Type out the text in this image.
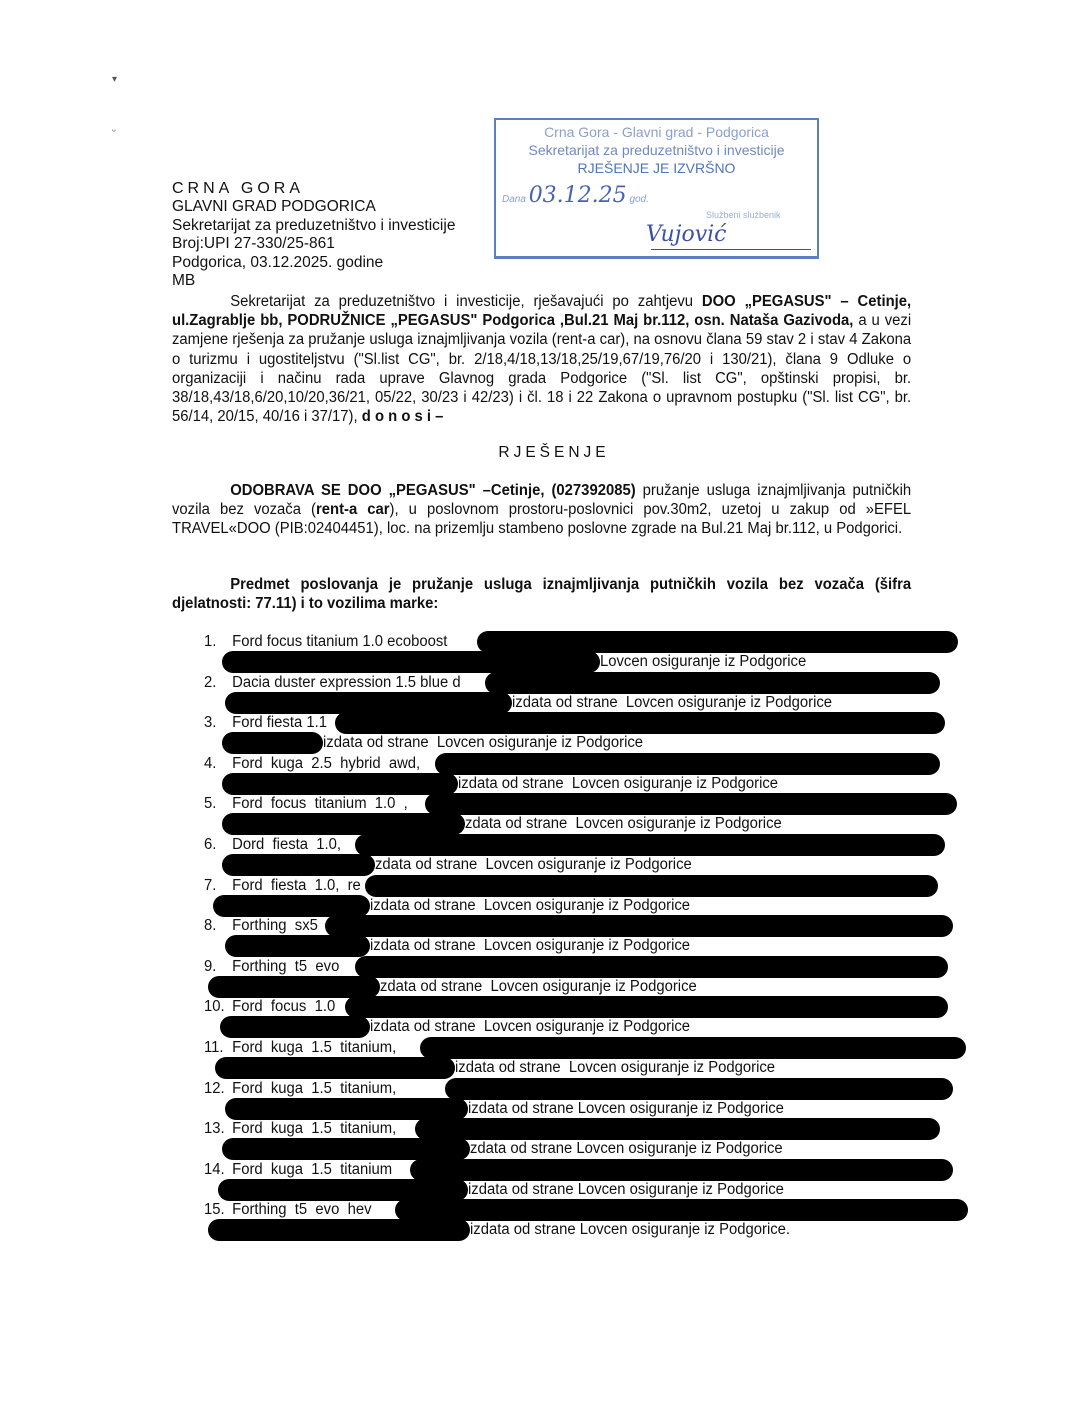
▾
ᵕ
CRNA GORA
GLAVNI GRAD PODGORICA
Sekretarijat za preduzetništvo i investicije
Broj:UPI 27-330/25-861
Podgorica, 03.12.2025. godine
MB
Crna Gora - Glavni grad - Podgorica
Sekretarijat za preduzetništvo i investicije
RJEŠENJE JE IZVRŠNO
Dana 03.12.25 god.
Službeni službenik
Vujović
Sekretarijat za preduzetništvo i investicije, rješavajući po zahtjevu DOO „PEGASUS" – Cetinje, ul.Zagrablje bb, PODRUŽNICE „PEGASUS" Podgorica ,Bul.21 Maj br.112, osn. Nataša Gazivoda, a u vezi zamjene rješenja za pružanje usluga iznajmljivanja vozila (rent-a car), na osnovu člana 59 stav 2 i stav 4 Zakona o turizmu i ugostiteljstvu ("Sl.list CG", br. 2/18,4/18,13/18,25/19,67/19,76/20 i 130/21), člana 9 Odluke o organizaciji i načinu rada uprave Glavnog grada Podgorice ("Sl. list CG", opštinski propisi, br. 38/18,43/18,6/20,10/20,36/21, 05/22, 30/23 i 42/23) i čl. 18 i 22 Zakona o upravnom postupku ("Sl. list CG", br. 56/14, 20/15, 40/16 i 37/17), d o n o s i –
RJEŠENJE
ODOBRAVA SE DOO „PEGASUS" –Cetinje, (027392085) pružanje usluga iznajmljivanja putničkih vozila bez vozača (rent-a car), u poslovnom prostoru-poslovnici pov.30m2, uzetoj u zakup od »EFEL TRAVEL«DOO (PIB:02404451), loc. na prizemlju stambeno poslovne zgrade na Bul.21 Maj br.112, u Podgorici.
Predmet poslovanja je pružanje usluga iznajmljivanja putničkih vozila bez vozača (šifra djelatnosti: 77.11) i to vozilima marke:
1. Ford focus titanium 1.0 ecoboost
Lovcen osiguranje iz Podgorice
2. Dacia duster expression 1.5 blue d
izdata od strane  Lovcen osiguranje iz Podgorice
3. Ford fiesta 1.1
izdata od strane  Lovcen osiguranje iz Podgorice
4. Ford  kuga  2.5  hybrid  awd,
izdata od strane  Lovcen osiguranje iz Podgorice
5. Ford  focus  titanium  1.0  ,
zdata od strane  Lovcen osiguranje iz Podgorice
6. Dord  fiesta  1.0,
zdata od strane  Lovcen osiguranje iz Podgorice
7. Ford  fiesta  1.0,  re
izdata od strane  Lovcen osiguranje iz Podgorice
8. Forthing  sx5
izdata od strane  Lovcen osiguranje iz Podgorice
9. Forthing  t5  evo
zdata od strane  Lovcen osiguranje iz Podgorice
10. Ford  focus  1.0
izdata od strane  Lovcen osiguranje iz Podgorice
11. Ford  kuga  1.5  titanium,
izdata od strane  Lovcen osiguranje iz Podgorice
12. Ford  kuga  1.5  titanium,
izdata od strane Lovcen osiguranje iz Podgorice
13. Ford  kuga  1.5  titanium,
zdata od strane Lovcen osiguranje iz Podgorice
14. Ford  kuga  1.5  titanium
izdata od strane Lovcen osiguranje iz Podgorice
15. Forthing  t5  evo  hev
izdata od strane Lovcen osiguranje iz Podgorice.
